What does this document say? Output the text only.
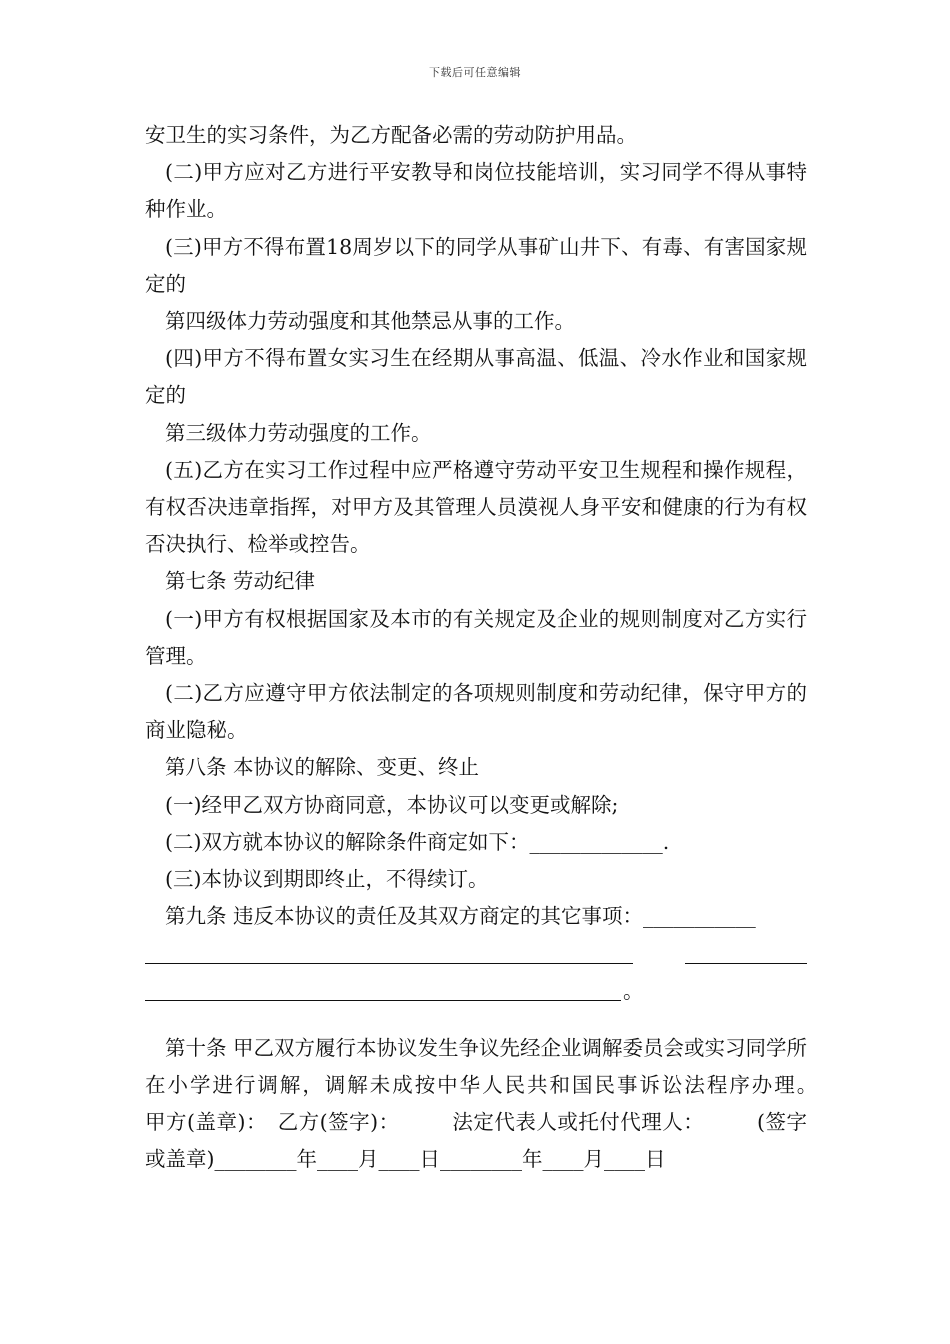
下载后可任意编辑

安卫生的实习条件，为乙方配备必需的劳动防护用品。

(二)甲方应对乙方进行平安教导和岗位技能培训，实习同学不得从事特种作业。

(三)甲方不得布置18周岁以下的同学从事矿山井下、有毒、有害国家规定的

第四级体力劳动强度和其他禁忌从事的工作。

(四)甲方不得布置女实习生在经期从事高温、低温、冷水作业和国家规定的

第三级体力劳动强度的工作。

(五)乙方在实习工作过程中应严格遵守劳动平安卫生规程和操作规程，有权否决违章指挥，对甲方及其管理人员漠视人身平安和健康的行为有权否决执行、检举或控告。

第七条 劳动纪律

(一)甲方有权根据国家及本市的有关规定及企业的规则制度对乙方实行管理。

(二)乙方应遵守甲方依法制定的各项规则制度和劳动纪律，保守甲方的商业隐秘。

第八条 本协议的解除、变更、终止

(一)经甲乙双方协商同意，本协议可以变更或解除;

(二)双方就本协议的解除条件商定如下：_____________.

(三)本协议到期即终止，不得续订。

第九条 违反本协议的责任及其双方商定的其它事项：___________

。

第十条 甲乙双方履行本协议发生争议先经企业调解委员会或实习同学所在小学进行调解，调解未成按中华人民共和国民事诉讼法程序办理。　　　甲方(盖章)：　乙方(签字)：　　　法定代表人或托付代理人：　　　(签字或盖章)________年____月____日________年____月____日
